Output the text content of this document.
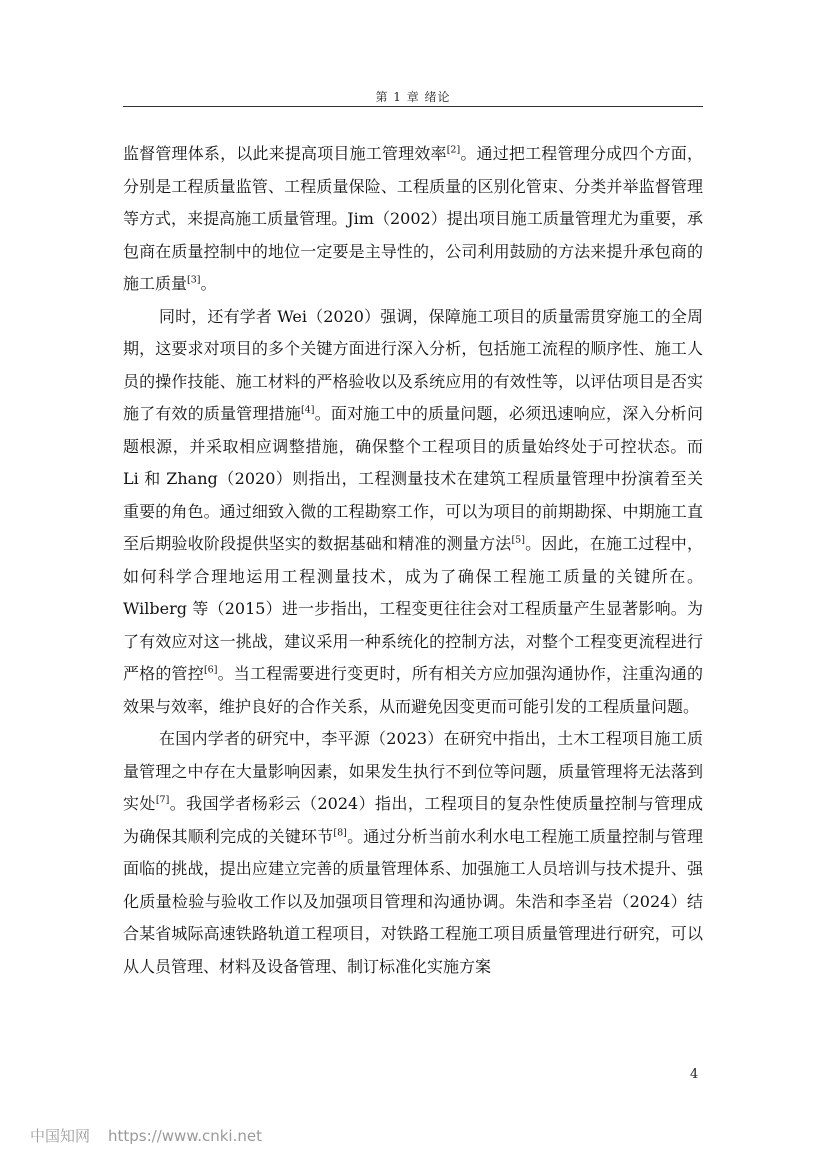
第 1 章 绪论

监督管理体系，以此来提高项目施工管理效率[2]。通过把工程管理分成四个方面，分别是工程质量监管、工程质量保险、工程质量的区别化管束、分类并举监督管理等方式，来提高施工质量管理。Jim（2002）提出项目施工质量管理尤为重要，承包商在质量控制中的地位一定要是主导性的，公司利用鼓励的方法来提升承包商的施工质量[3]。

同时，还有学者 Wei（2020）强调，保障施工项目的质量需贯穿施工的全周期，这要求对项目的多个关键方面进行深入分析，包括施工流程的顺序性、施工人员的操作技能、施工材料的严格验收以及系统应用的有效性等，以评估项目是否实施了有效的质量管理措施[4]。面对施工中的质量问题，必须迅速响应，深入分析问题根源，并采取相应调整措施，确保整个工程项目的质量始终处于可控状态。而 Li 和 Zhang（2020）则指出，工程测量技术在建筑工程质量管理中扮演着至关重要的角色。通过细致入微的工程勘察工作，可以为项目的前期勘探、中期施工直至后期验收阶段提供坚实的数据基础和精准的测量方法[5]。因此，在施工过程中，如何科学合理地运用工程测量技术，成为了确保工程施工质量的关键所在。Wilberg 等（2015）进一步指出，工程变更往往会对工程质量产生显著影响。为了有效应对这一挑战，建议采用一种系统化的控制方法，对整个工程变更流程进行严格的管控[6]。当工程需要进行变更时，所有相关方应加强沟通协作，注重沟通的效果与效率，维护良好的合作关系，从而避免因变更而可能引发的工程质量问题。

在国内学者的研究中，李平源（2023）在研究中指出，土木工程项目施工质量管理之中存在大量影响因素，如果发生执行不到位等问题，质量管理将无法落到实处[7]。我国学者杨彩云（2024）指出，工程项目的复杂性使质量控制与管理成为确保其顺利完成的关键环节[8]。通过分析当前水利水电工程施工质量控制与管理面临的挑战，提出应建立完善的质量管理体系、加强施工人员培训与技术提升、强化质量检验与验收工作以及加强项目管理和沟通协调。朱浩和李圣岩（2024）结合某省城际高速铁路轨道工程项目，对铁路工程施工项目质量管理进行研究，可以从人员管理、材料及设备管理、制订标准化实施方案

4
中国知网 https://www.cnki.net
